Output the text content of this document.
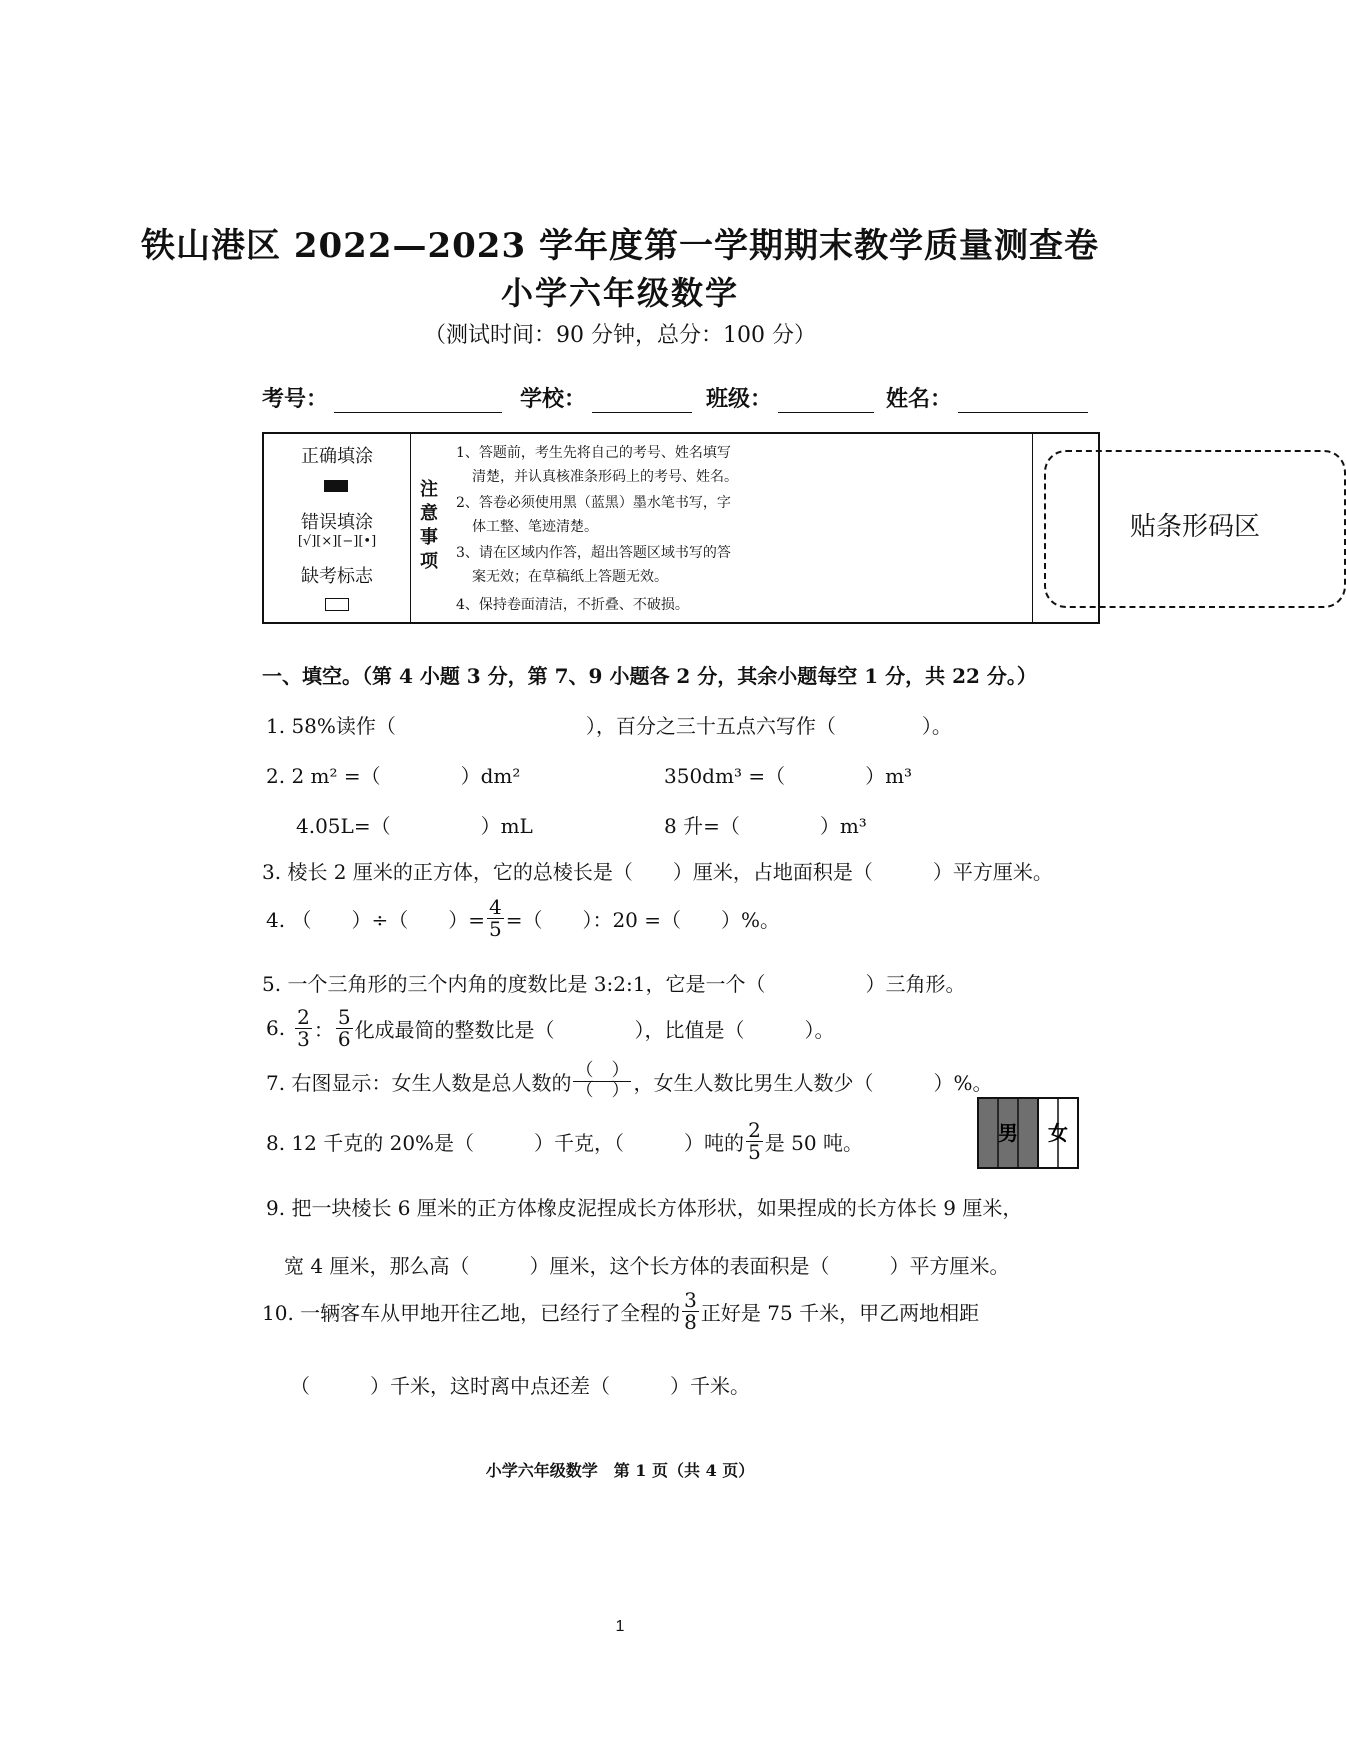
铁山港区 2022—2023 学年度第一学期期末教学质量测查卷
小学六年级数学
（测试时间：90 分钟，总分：100 分）
考号：	学校：	班级：	姓名：
正确填涂
错误填涂
[√][×][−][•]
缺考标志
注
意
事
项
1、答题前，考生先将自己的考号、姓名填写
清楚，并认真核准条形码上的考号、姓名。
2、答卷必须使用黑（蓝黑）墨水笔书写，字
体工整、笔迹清楚。
3、请在区域内作答，超出答题区域书写的答
案无效；在草稿纸上答题无效。
4、保持卷面清洁，不折叠、不破损。
贴条形码区
一、填空。（第 4 小题 3 分，第 7、9 小题各 2 分，其余小题每空 1 分，共 22 分。）
1. 58%读作（	），百分之三十五点六写作（	）。
2. 2 m² =（	）dm²	350dm³ =（	）m³
4.05L=（	）mL	8 升=（	）m³
3. 棱长 2 厘米的正方体，它的总棱长是（　　）厘米，占地面积是（　　　）平方厘米。
4. （　　）÷（　　）= $\frac{4}{5}$ =（　　）：20 =（　　）%。
5. 一个三角形的三个内角的度数比是 3:2:1，它是一个（　　　　　）三角形。
6. $\frac{2}{3}$ ： $\frac{5}{6}$ 化成最简的整数比是（　　　　），比值是（　　　）。
7. 右图显示：女生人数是总人数的 $\frac{( )}{( )}$ ，女生人数比男生人数少（　　　）%。
8. 12 千克的 20%是（　　　）千克，（　　　）吨的 $\frac{2}{5}$ 是 50 吨。	男 女
9. 把一块棱长 6 厘米的正方体橡皮泥捏成长方体形状，如果捏成的长方体长 9 厘米，
宽 4 厘米，那么高（　　　）厘米，这个长方体的表面积是（　　　）平方厘米。
10. 一辆客车从甲地开往乙地，已经行了全程的 $\frac{3}{8}$ 正好是 75 千米，甲乙两地相距
（　　　）千米，这时离中点还差（　　　）千米。
小学六年级数学　第 1 页（共 4 页）
1
